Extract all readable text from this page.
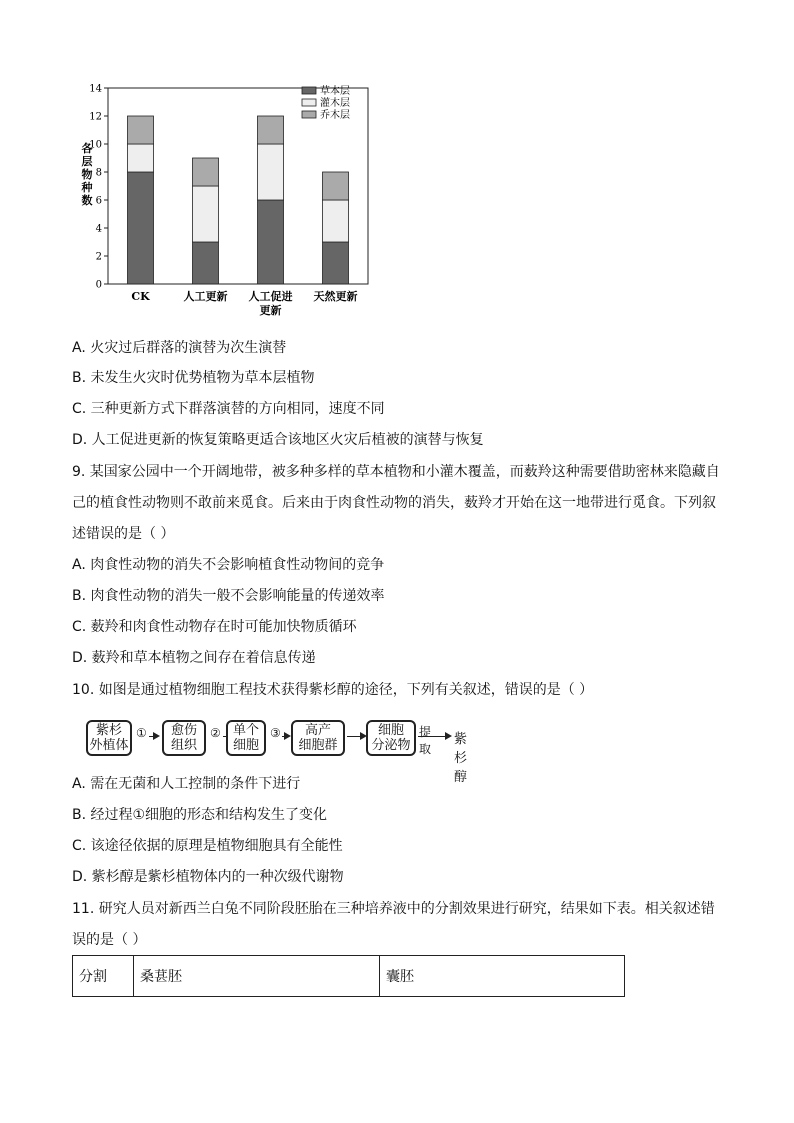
0
2
4
6
8
10
12
14
CK	人工更新 人工促进
更新
天然更新
草本层
灌木层
乔木层
各
层
物
种
数
A. 火灾过后群落的演替为次生演替
B. 未发生火灾时优势植物为草本层植物
C. 三种更新方式下群落演替的方向相同，速度不同
D. 人工促进更新的恢复策略更适合该地区火灾后植被的演替与恢复
9. 某国家公园中一个开阔地带，被多种多样的草本植物和小灌木覆盖，而薮羚这种需要借助密林来隐藏自
己的植食性动物则不敢前来觅食。后来由于肉食性动物的消失，薮羚才开始在这一地带进行觅食。下列叙
述错误的是（ ）
A. 肉食性动物的消失不会影响植食性动物间的竞争
B. 肉食性动物的消失一般不会影响能量的传递效率
C. 薮羚和肉食性动物存在时可能加快物质循环
D. 薮羚和草本植物之间存在着信息传递
10. 如图是通过植物细胞工程技术获得紫杉醇的途径，下列有关叙述，错误的是（ ）
紫杉
外植体
①	愈伤
组织
② 单个
细胞
③	高产
细胞群
细胞
分泌物
提取
紫杉醇
A. 需在无菌和人工控制的条件下进行
B. 经过程①细胞的形态和结构发生了变化
C. 该途径依据的原理是植物细胞具有全能性
D. 紫杉醇是紫杉植物体内的一种次级代谢物
11. 研究人员对新西兰白兔不同阶段胚胎在三种培养液中的分割效果进行研究，结果如下表。相关叙述错
误的是（ ）
分割	桑葚胚	囊胚
